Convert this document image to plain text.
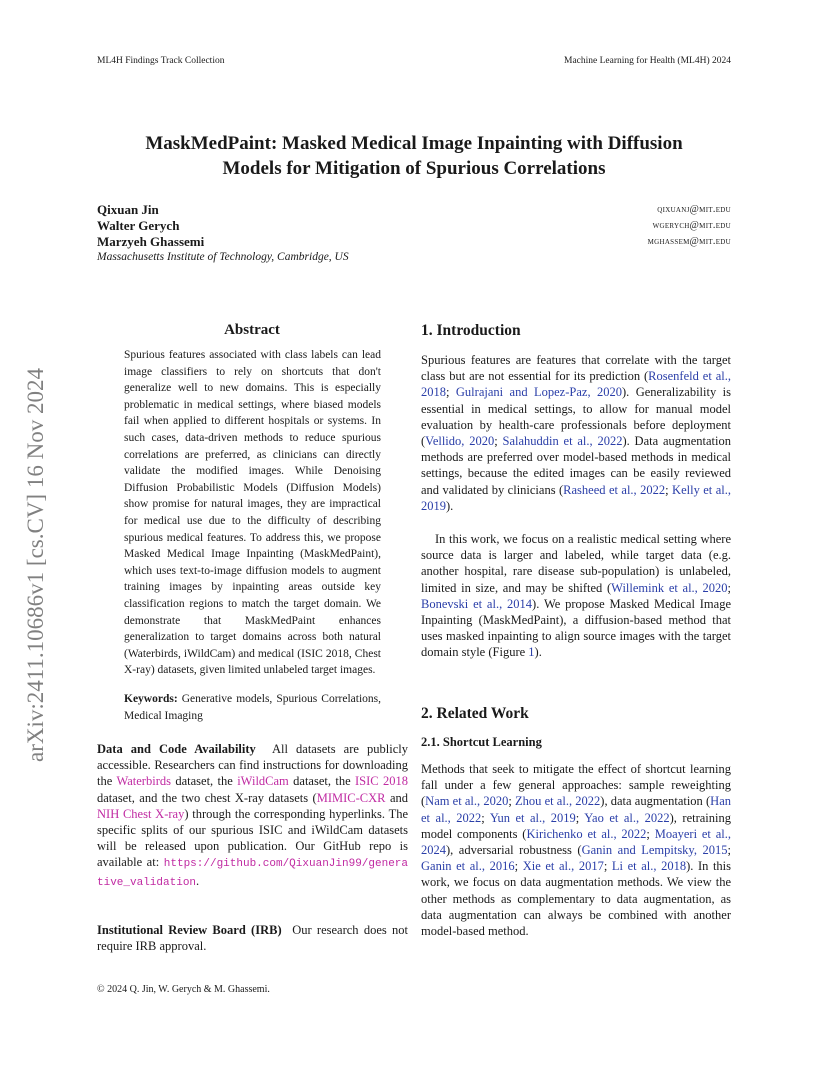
ML4H Findings Track Collection	Machine Learning for Health (ML4H) 2024
MaskMedPaint: Masked Medical Image Inpainting with Diffusion
Models for Mitigation of Spurious Correlations
Qixuan Jin	qixuanj@mit.edu
Walter Gerych	wgerych@mit.edu
Marzyeh Ghassemi	mghassem@mit.edu
Massachusetts Institute of Technology, Cambridge, US
arXiv:2411.10686v1 [cs.CV] 16 Nov 2024
Abstract
Spurious features associated with class labels can lead image classifiers to rely on shortcuts that don't generalize well to new domains. This is especially problematic in medical settings, where biased models fail when applied to different hospitals or systems. In such cases, data-driven methods to reduce spurious correlations are preferred, as clinicians can directly validate the modified images. While Denoising Diffusion Probabilistic Models (Diffusion Models) show promise for natural images, they are impractical for medical use due to the difficulty of describing spurious medical features. To address this, we propose Masked Medical Image Inpainting (MaskMedPaint), which uses text-to-image diffusion models to augment training images by inpainting areas outside key classification regions to match the target domain. We demonstrate that MaskMedPaint enhances generalization to target domains across both natural (Waterbirds, iWildCam) and medical (ISIC 2018, Chest X-ray) datasets, given limited unlabeled target images.
Keywords: Generative models, Spurious Correlations, Medical Imaging
Data and Code Availability All datasets are publicly accessible. Researchers can find instructions for downloading the Waterbirds dataset, the iWildCam dataset, the ISIC 2018 dataset, and the two chest X-ray datasets (MIMIC-CXR and NIH Chest X-ray) through the corresponding hyperlinks. The specific splits of our spurious ISIC and iWildCam datasets will be released upon publication. Our GitHub repo is available at: https://github.com/QixuanJin99/generative_validation.
Institutional Review Board (IRB) Our research does not require IRB approval.
1. Introduction
Spurious features are features that correlate with the target class but are not essential for its prediction (Rosenfeld et al., 2018; Gulrajani and Lopez-Paz, 2020). Generalizability is essential in medical settings, to allow for manual model evaluation by health-care professionals before deployment (Vellido, 2020; Salahuddin et al., 2022). Data augmentation methods are preferred over model-based methods in medical settings, because the edited images can be easily reviewed and validated by clinicians (Rasheed et al., 2022; Kelly et al., 2019).
In this work, we focus on a realistic medical setting where source data is larger and labeled, while target data (e.g. another hospital, rare disease sub-population) is unlabeled, limited in size, and may be shifted (Willemink et al., 2020; Bonevski et al., 2014). We propose Masked Medical Image Inpainting (MaskMedPaint), a diffusion-based method that uses masked inpainting to align source images with the target domain style (Figure 1).
2. Related Work
2.1. Shortcut Learning
Methods that seek to mitigate the effect of shortcut learning fall under a few general approaches: sample reweighting (Nam et al., 2020; Zhou et al., 2022), data augmentation (Han et al., 2022; Yun et al., 2019; Yao et al., 2022), retraining model components (Kirichenko et al., 2022; Moayeri et al., 2024), adversarial robustness (Ganin and Lempitsky, 2015; Ganin et al., 2016; Xie et al., 2017; Li et al., 2018). In this work, we focus on data augmentation methods. We view the other methods as complementary to data augmentation, as data augmentation can always be combined with another model-based method.
© 2024 Q. Jin, W. Gerych & M. Ghassemi.
